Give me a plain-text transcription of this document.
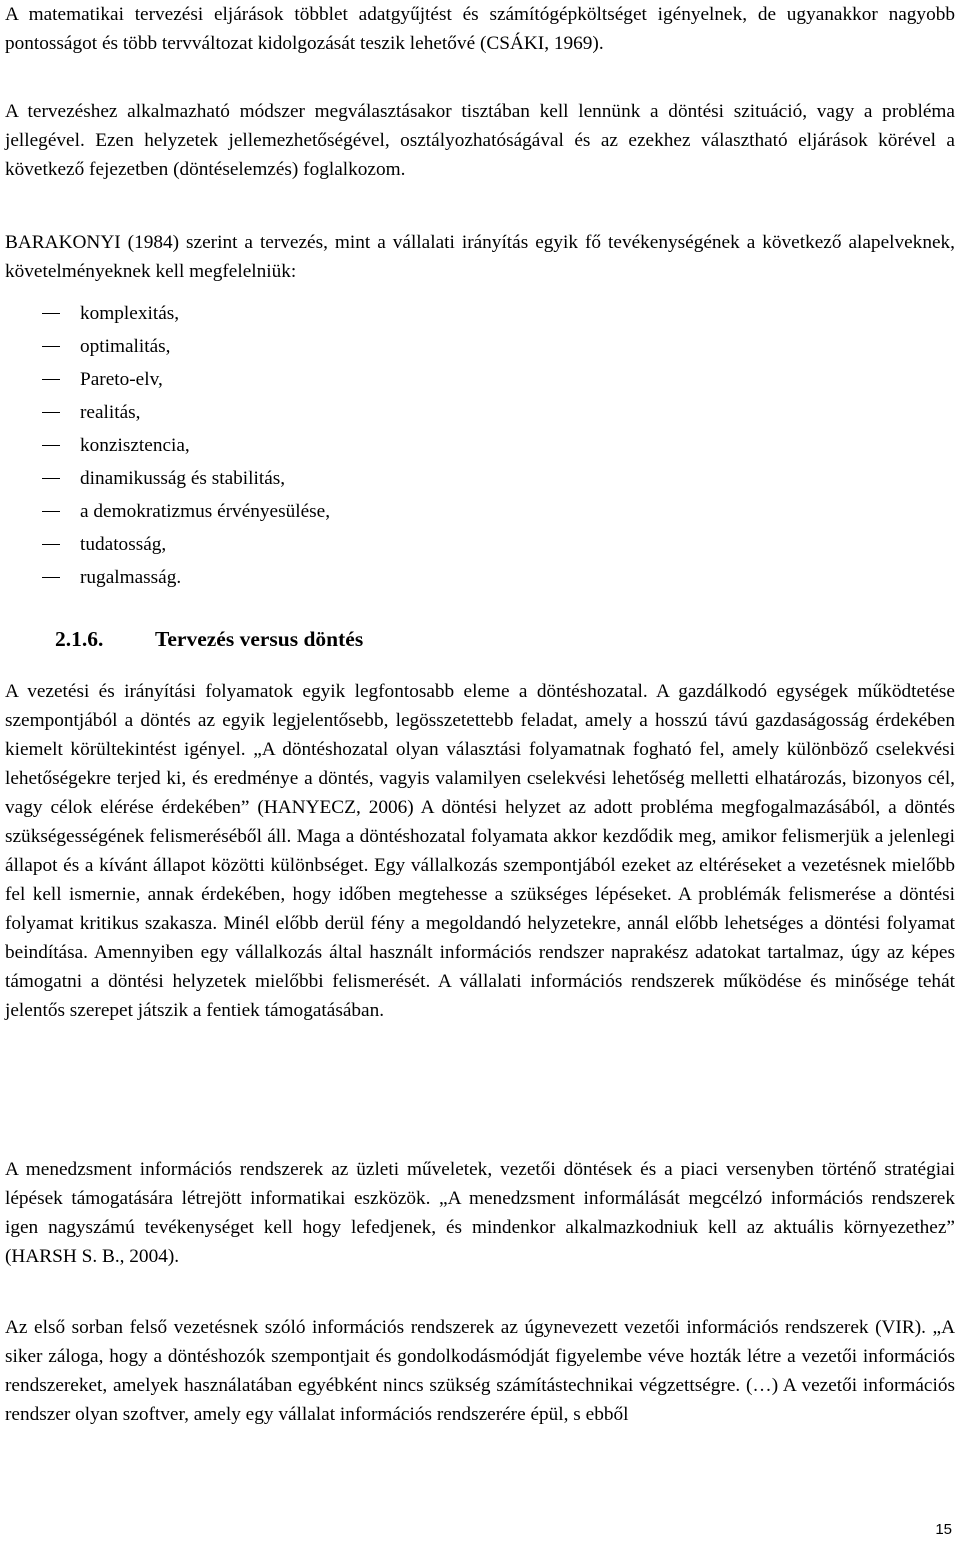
A matematikai tervezési eljárások többlet adatgyűjtést és számítógépköltséget igényelnek, de ugyanakkor nagyobb pontosságot és több tervváltozat kidolgozását teszik lehetővé (CSÁKI, 1969).

A tervezéshez alkalmazható módszer megválasztásakor tisztában kell lennünk a döntési szituáció, vagy a probléma jellegével. Ezen helyzetek jellemezhetőségével, osztályozhatóságával és az ezekhez választható eljárások körével a következő fejezetben (döntéselemzés) foglalkozom.

BARAKONYI (1984) szerint a tervezés, mint a vállalati irányítás egyik fő tevékenységének a következő alapelveknek, követelményeknek kell megfelelniük:

komplexitás,
optimalitás,
Pareto-elv,
realitás,
konzisztencia,
dinamikusság és stabilitás,
a demokratizmus érvényesülése,
tudatosság,
rugalmasság.
2.1.6. Tervezés versus döntés

A vezetési és irányítási folyamatok egyik legfontosabb eleme a döntéshozatal. A gazdálkodó egységek működtetése szempontjából a döntés az egyik legjelentősebb, legösszetettebb feladat, amely a hosszú távú gazdaságosság érdekében kiemelt körültekintést igényel. „A döntéshozatal olyan választási folyamatnak fogható fel, amely különböző cselekvési lehetőségekre terjed ki, és eredménye a döntés, vagyis valamilyen cselekvési lehetőség melletti elhatározás, bizonyos cél, vagy célok elérése érdekében” (HANYECZ, 2006) A döntési helyzet az adott probléma megfogalmazásából, a döntés szükségességének felismeréséből áll. Maga a döntéshozatal folyamata akkor kezdődik meg, amikor felismerjük a jelenlegi állapot és a kívánt állapot közötti különbséget. Egy vállalkozás szempontjából ezeket az eltéréseket a vezetésnek mielőbb fel kell ismernie, annak érdekében, hogy időben megtehesse a szükséges lépéseket. A problémák felismerése a döntési folyamat kritikus szakasza. Minél előbb derül fény a megoldandó helyzetekre, annál előbb lehetséges a döntési folyamat beindítása. Amennyiben egy vállalkozás által használt információs rendszer naprakész adatokat tartalmaz, úgy az képes támogatni a döntési helyzetek mielőbbi felismerését. A vállalati információs rendszerek működése és minősége tehát jelentős szerepet játszik a fentiek támogatásában.

A menedzsment információs rendszerek az üzleti műveletek, vezetői döntések és a piaci versenyben történő stratégiai lépések támogatására létrejött informatikai eszközök. „A menedzsment informálását megcélzó információs rendszerek igen nagyszámú tevékenységet kell hogy lefedjenek, és mindenkor alkalmazkodniuk kell az aktuális környezethez” (HARSH S. B., 2004).

Az első sorban felső vezetésnek szóló információs rendszerek az úgynevezett vezetői információs rendszerek (VIR). „A siker záloga, hogy a döntéshozók szempontjait és gondolkodásmódját figyelembe véve hozták létre a vezetői információs rendszereket, amelyek használatában egyébként nincs szükség számítástechnikai végzettségre. (…) A vezetői információs rendszer olyan szoftver, amely egy vállalat információs rendszerére épül, s ebből

15
